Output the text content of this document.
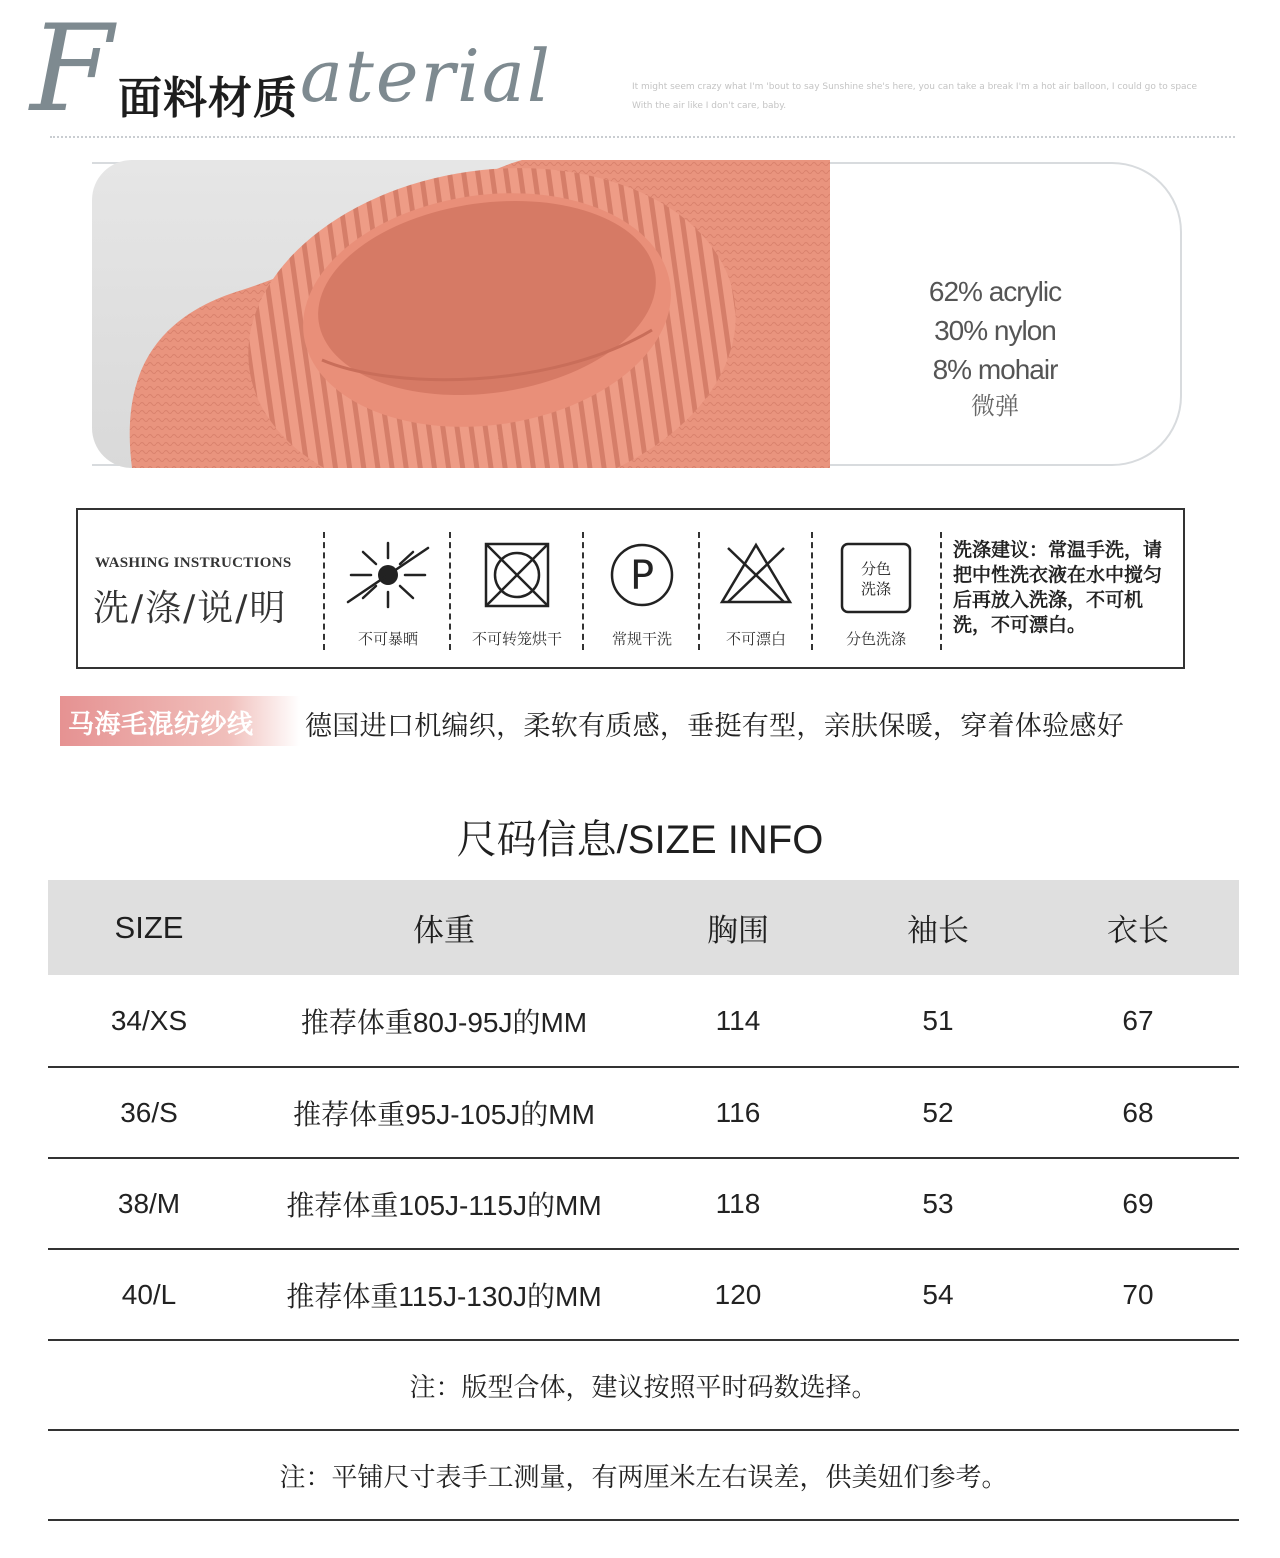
F	aterial
面料材质	It might seem crazy what I'm 'bout to say Sunshine she's here, you can take a break I'm a hot air balloon, I could go to space With the air like I don't care, baby.
62% acrylic
30% nylon
8% mohair
微弹
WASHING INSTRUCTIONS
洗/涤/说/明
不可暴晒	不可转笼烘干
P
常规干洗	不可漂白
分色
洗涤
分色洗涤
洗涤建议：常温手洗，请把中性洗衣液在水中搅匀后再放入洗涤，不可机洗，不可漂白。
马海毛混纺纱线 德国进口机编织，柔软有质感，垂挺有型，亲肤保暖，穿着体验感好
尺码信息/SIZE INFO
SIZE	体重	胸围	袖长	衣长
34/XS	推荐体重80J-95J的MM	114	51	67
36/S	推荐体重95J-105J的MM	116	52	68
38/M	推荐体重105J-115J的MM	118	53	69
40/L	推荐体重115J-130J的MM	120	54	70
注：版型合体，建议按照平时码数选择。
注：平铺尺寸表手工测量，有两厘米左右误差，供美妞们参考。
